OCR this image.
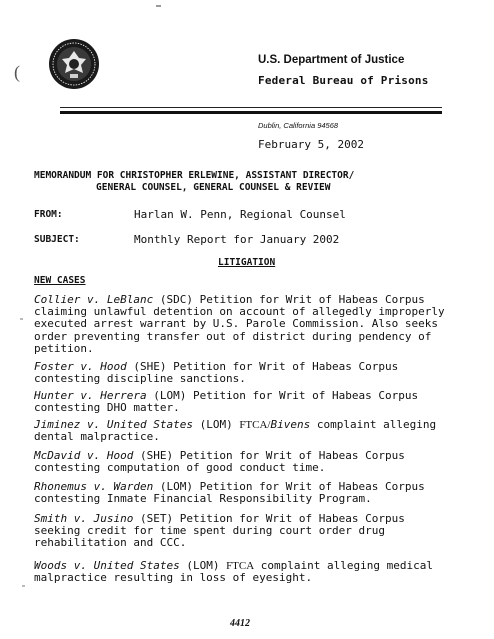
(
U.S. Department of Justice
Federal Bureau of Prisons
Dublin, California 94568
February 5, 2002
MEMORANDUM FOR CHRISTOPHER ERLEWINE, ASSISTANT DIRECTOR/
GENERAL COUNSEL, GENERAL COUNSEL & REVIEW
FROM:	Harlan W. Penn, Regional Counsel
SUBJECT:	Monthly Report for January 2002
LITIGATION
NEW CASES
Collier v. LeBlanc (SDC) Petition for Writ of Habeas Corpus claiming unlawful detention on account of allegedly improperly executed arrest warrant by U.S. Parole Commission. Also seeks order preventing transfer out of district during pendency of petition.
Foster v. Hood (SHE) Petition for Writ of Habeas Corpus contesting discipline sanctions.
Hunter v. Herrera (LOM) Petition for Writ of Habeas Corpus contesting DHO matter.
Jiminez v. United States (LOM) FTCA/Bivens complaint alleging dental malpractice.
McDavid v. Hood (SHE) Petition for Writ of Habeas Corpus contesting computation of good conduct time.
Rhonemus v. Warden (LOM) Petition for Writ of Habeas Corpus contesting Inmate Financial Responsibility Program.
Smith v. Jusino (SET) Petition for Writ of Habeas Corpus seeking credit for time spent during court order drug rehabilitation and CCC.
Woods v. United States (LOM) FTCA complaint alleging medical malpractice resulting in loss of eyesight.
4412
